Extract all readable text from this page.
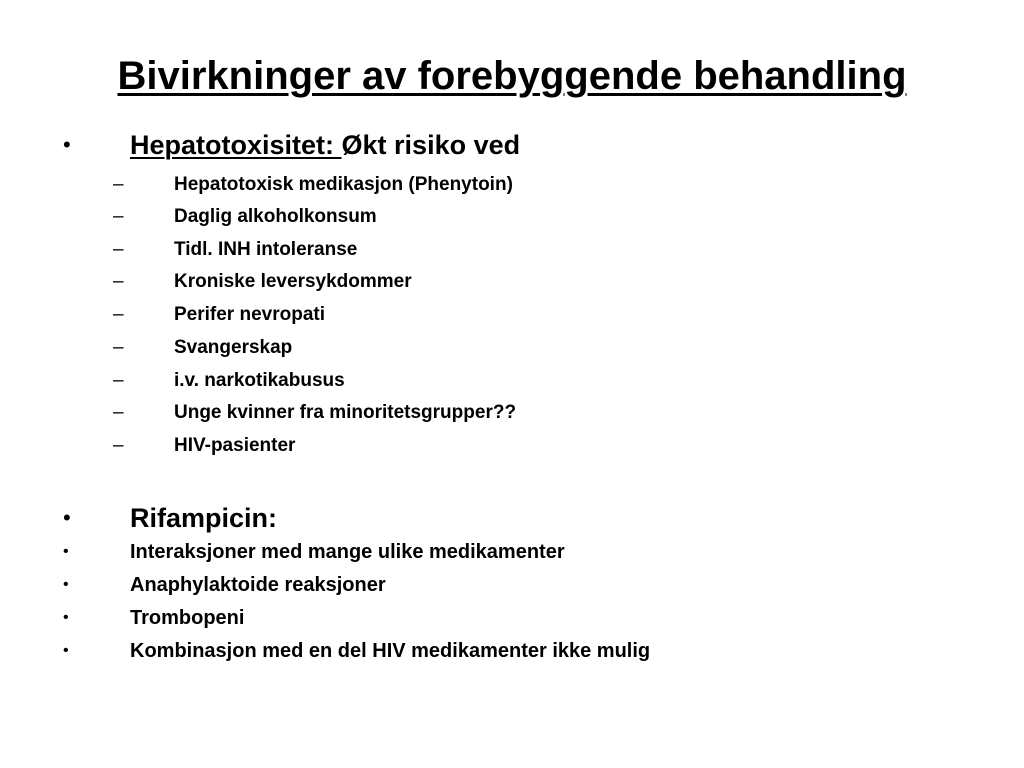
Bivirkninger av forebyggende behandling
• Hepatotoxisitet: Økt risiko ved
–	Hepatotoxisk medikasjon (Phenytoin)
–	Daglig alkoholkonsum
–	Tidl. INH intoleranse
–	Kroniske leversykdommer
–	Perifer nevropati
–	Svangerskap
–	i.v. narkotikabusus
–	Unge kvinner fra minoritetsgrupper??
–	HIV-pasienter
• Rifampicin:
•	Interaksjoner med mange ulike medikamenter
•	Anaphylaktoide reaksjoner
•	Trombopeni
•	Kombinasjon med en del HIV medikamenter ikke mulig
